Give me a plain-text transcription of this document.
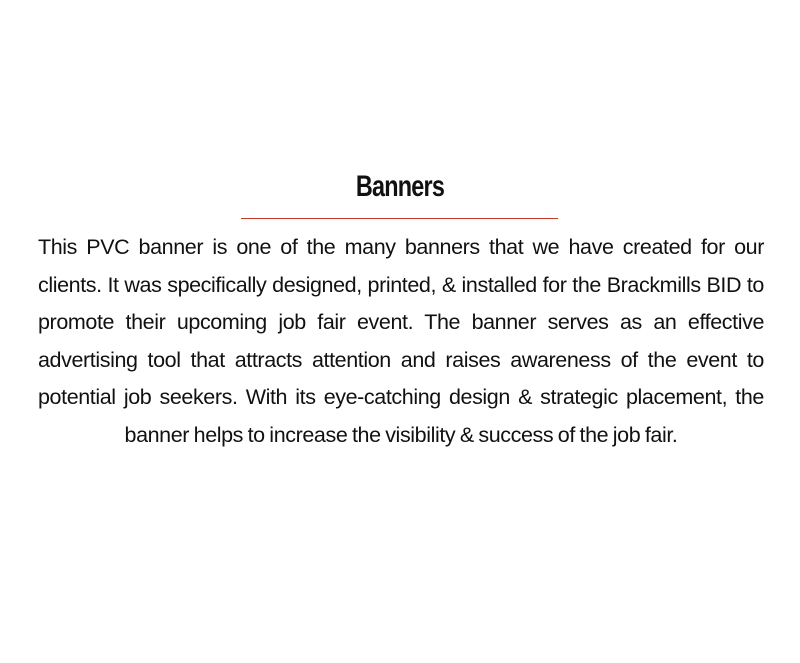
Banners

This PVC banner is one of the many banners that we have created for our clients. It was specifically designed, printed, & installed for the Brackmills BID to promote their upcoming job fair event. The banner serves as an effective advertising tool that attracts attention and raises awareness of the event to potential job seekers. With its eye-catching design & strategic placement, the banner helps to increase the visibility & success of the job fair.
